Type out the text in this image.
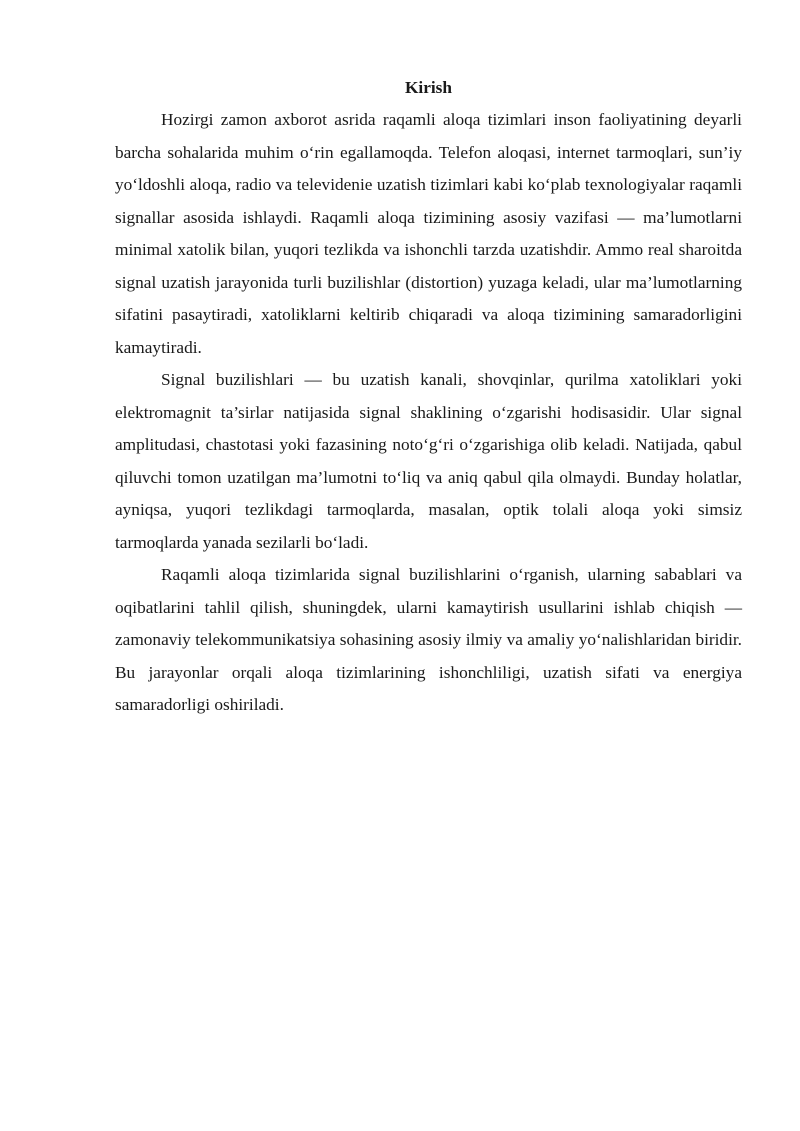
Kirish

Hozirgi zamon axborot asrida raqamli aloqa tizimlari inson faoliyatining deyarli barcha sohalarida muhim o‘rin egallamoqda. Telefon aloqasi, internet tarmoqlari, sun’iy yo‘ldoshli aloqa, radio va televidenie uzatish tizimlari kabi ko‘plab texnologiyalar raqamli signallar asosida ishlaydi. Raqamli aloqa tizimining asosiy vazifasi — ma’lumotlarni minimal xatolik bilan, yuqori tezlikda va ishonchli tarzda uzatishdir. Ammo real sharoitda signal uzatish jarayonida turli buzilishlar (distortion) yuzaga keladi, ular ma’lumotlarning sifatini pasaytiradi, xatoliklarni keltirib chiqaradi va aloqa tizimining samaradorligini kamaytiradi.

Signal buzilishlari — bu uzatish kanali, shovqinlar, qurilma xatoliklari yoki elektromagnit ta’sirlar natijasida signal shaklining o‘zgarishi hodisasidir. Ular signal amplitudasi, chastotasi yoki fazasining noto‘g‘ri o‘zgarishiga olib keladi. Natijada, qabul qiluvchi tomon uzatilgan ma’lumotni to‘liq va aniq qabul qila olmaydi. Bunday holatlar, ayniqsa, yuqori tezlikdagi tarmoqlarda, masalan, optik tolali aloqa yoki simsiz tarmoqlarda yanada sezilarli bo‘ladi.

Raqamli aloqa tizimlarida signal buzilishlarini o‘rganish, ularning sabablari va oqibatlarini tahlil qilish, shuningdek, ularni kamaytirish usullarini ishlab chiqish — zamonaviy telekommunikatsiya sohasining asosiy ilmiy va amaliy yo‘nalishlaridan biridir. Bu jarayonlar orqali aloqa tizimlarining ishonchliligi, uzatish sifati va energiya samaradorligi oshiriladi.
